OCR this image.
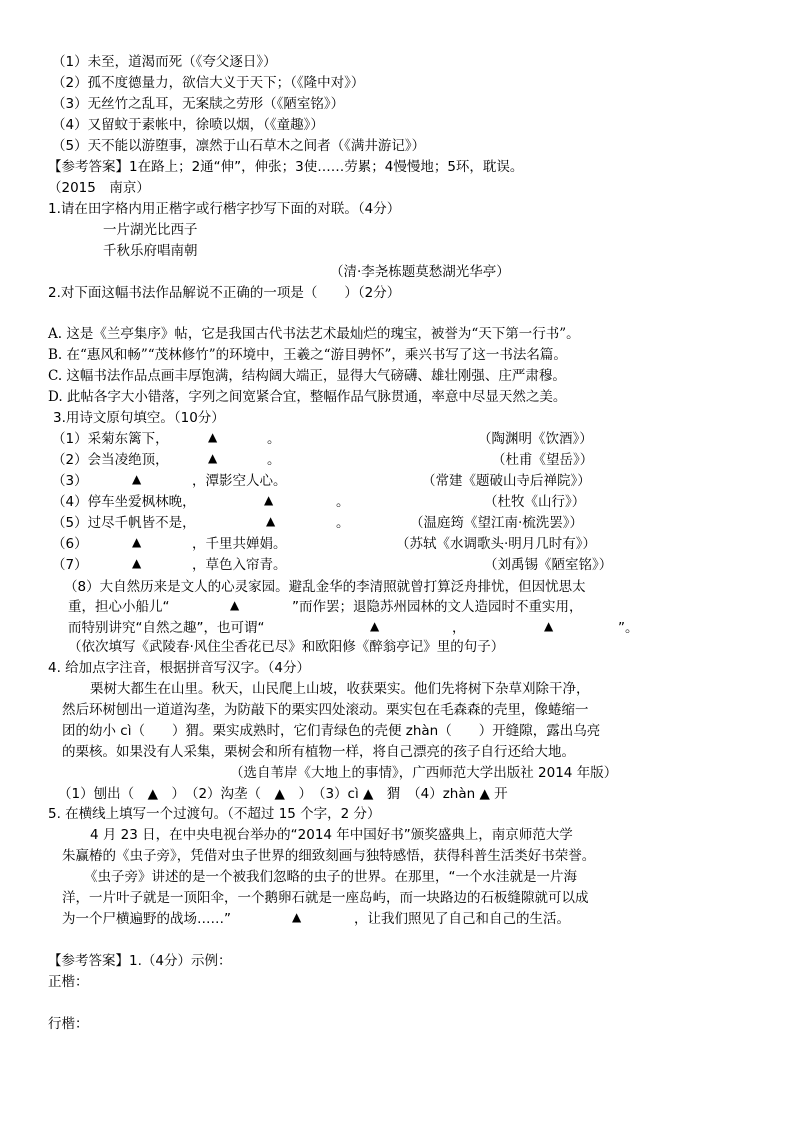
（1）未至，道渴而死（《夸父逐日》）
（2）孤不度德量力，欲信大义于天下；（《隆中对》）
（3）无丝竹之乱耳，无案牍之劳形（《陋室铭》）
（4）又留蚊于素帐中，徐喷以烟，（《童趣》）
（5）天不能以游堕事，凛然于山石草木之间者（《满井游记》）
【参考答案】1在路上；2通“伸”，伸张；3使……劳累；4慢慢地；5环，耽误。
（2015　南京）
1.请在田字格内用正楷字或行楷字抄写下面的对联。（4分）
一片湖光比西子
千秋乐府唱南朝
（清·李尧栋题莫愁湖光华亭）
2.对下面这幅书法作品解说不正确的一项是（　　）（2分）
A. 这是《兰亭集序》帖，它是我国古代书法艺术最灿烂的瑰宝，被誉为“天下第一行书”。
B. 在“惠风和畅”“茂林修竹”的环境中，王羲之“游目骋怀”，乘兴书写了这一书法名篇。
C. 这幅书法作品点画丰厚饱满，结构阔大端正，显得大气磅礴、雄壮刚强、庄严肃穆。
D. 此帖各字大小错落，字列之间宽紧合宜，整幅作品气脉贯通，率意中尽显天然之美。
3.用诗文原句填空。（10分）
（1）采菊东篱下，	▲	。	（陶渊明《饮酒》）
（2）会当凌绝顶，	▲	。	（杜甫《望岳》）
（3）	▲	，潭影空人心。	（常建《题破山寺后禅院》）
（4）停车坐爱枫林晚，	▲	。	（杜牧《山行》）
（5）过尽千帆皆不是，	▲	。	（温庭筠《望江南·梳洗罢》）
（6）	▲	，千里共婵娟。	（苏轼《水调歌头·明月几时有》）
（7）	▲	，草色入帘青。	（刘禹锡《陋室铭》）
（8）大自然历来是文人的心灵家园。避乱金华的李清照就曾打算泛舟排忧，但因忧思太
重，担心小船儿“	▲	”而作罢；退隐苏州园林的文人造园时不重实用，
而特别讲究“自然之趣”，也可谓“	▲	，	▲	”。
（依次填写《武陵春·风住尘香花已尽》和欧阳修《醉翁亭记》里的句子）
4. 给加点字注音，根据拼音写汉字。（4分）
栗树大都生在山里。秋天，山民爬上山坡，收获栗实。他们先将树下杂草刈除干净，
然后环树刨出一道道沟垄，为防敲下的栗实四处滚动。栗实包在毛森森的壳里，像蜷缩一
团的幼小 cì（　　）猬。栗实成熟时，它们青绿色的壳便 zhàn（　　）开缝隙，露出乌亮
的栗核。如果没有人采集，栗树会和所有植物一样，将自己漂亮的孩子自行还给大地。
（选自苇岸《大地上的事情》，广西师范大学出版社 2014 年版）
（1）刨出（　▲　）　（2）沟垄（　▲　）　（3）cì ▲　猬　（4）zhàn ▲ 开
5. 在横线上填写一个过渡句。（不超过 15 个字，2 分）
4 月 23 日，在中央电视台举办的“2014 年中国好书”颁奖盛典上，南京师范大学
朱赢椿的《虫子旁》，凭借对虫子世界的细致刻画与独特感悟，获得科普生活类好书荣誉。
《虫子旁》讲述的是一个被我们忽略的虫子的世界。在那里，“一个水洼就是一片海
洋，一片叶子就是一顶阳伞，一个鹅卵石就是一座岛屿，而一块路边的石板缝隙就可以成
为一个尸横遍野的战场……”	▲	，让我们照见了自己和自己的生活。
【参考答案】1.（4分）示例：
正楷：
行楷：
